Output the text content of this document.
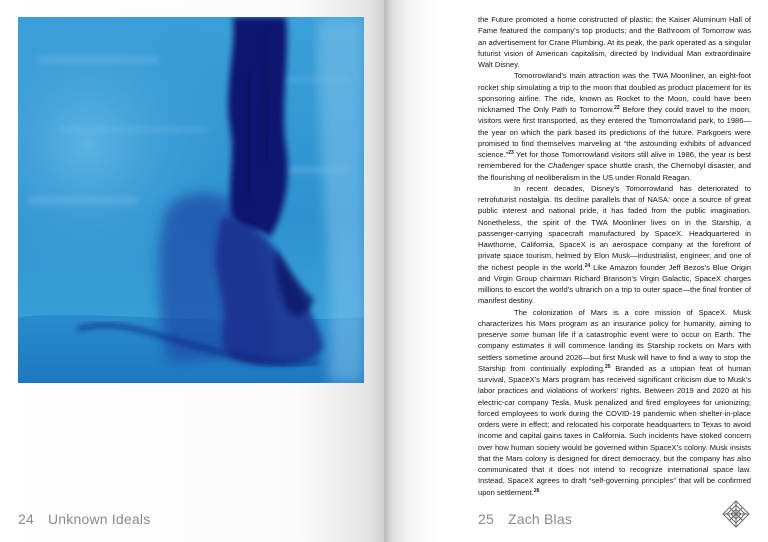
24 Unknown Ideals

the Future promoted a home constructed of plastic; the Kaiser Aluminum Hall of Fame featured the company’s top products; and the Bathroom of Tomorrow was an advertisement for Crane Plumbing. At its peak, the park operated as a singular futurist vision of American capitalism, directed by Individual Man extraordinaire Walt Disney.

Tomorrowland’s main attraction was the TWA Moonliner, an eight-foot rocket ship simulating a trip to the moon that doubled as product placement for its sponsoring airline. The ride, known as Rocket to the Moon, could have been nicknamed The Only Path to Tomorrow.$^{22}$ Before they could travel to the moon, visitors were first transported, as they entered the Tomorrowland park, to 1986—the year on which the park based its predictions of the future. Parkgoers were promised to find themselves marveling at “the astounding exhibits of advanced science.”$^{23}$ Yet for those Tomorrowland visitors still alive in 1986, the year is best remembered for the Challenger space shuttle crash, the Chernobyl disaster, and the flourishing of neoliberalism in the US under Ronald Reagan.

In recent decades, Disney’s Tomorrowland has deteriorated to retrofuturist nostalgia. Its decline parallels that of NASA: once a source of great public interest and national pride, it has faded from the public imagination. Nonetheless, the spirit of the TWA Moonliner lives on in the Starship, a passenger-carrying spacecraft manufactured by SpaceX. Headquartered in Hawthorne, California, SpaceX is an aerospace company at the forefront of private space tourism, helmed by Elon Musk—industrialist, engineer, and one of the richest people in the world.$^{24}$ Like Amazon founder Jeff Bezos’s Blue Origin and Virgin Group chairman Richard Branson’s Virgin Galactic, SpaceX charges millions to escort the world’s ultrarich on a trip to outer space—the final frontier of manifest destiny.

The colonization of Mars is a core mission of SpaceX. Musk characterizes his Mars program as an insurance policy for humanity, aiming to preserve some human life if a catastrophic event were to occur on Earth. The company estimates it will commence landing its Starship rockets on Mars with settlers sometime around 2026—but first Musk will have to find a way to stop the Starship from continually exploding.$^{25}$ Branded as a utopian feat of human survival, SpaceX’s Mars program has received significant criticism due to Musk’s labor practices and violations of workers’ rights. Between 2019 and 2020 at his electric-car company Tesla, Musk penalized and fired employees for unionizing; forced employees to work during the COVID-19 pandemic when shelter-in-place orders were in effect; and relocated his corporate headquarters to Texas to avoid income and capital gains taxes in California. Such incidents have stoked concern over how human society would be governed within SpaceX’s colony. Musk insists that the Mars colony is designed for direct democracy, but the company has also communicated that it does not intend to recognize international space law. Instead, SpaceX agrees to draft “self-governing principles” that will be confirmed upon settlement.$^{26}$

25 Zach Blas
